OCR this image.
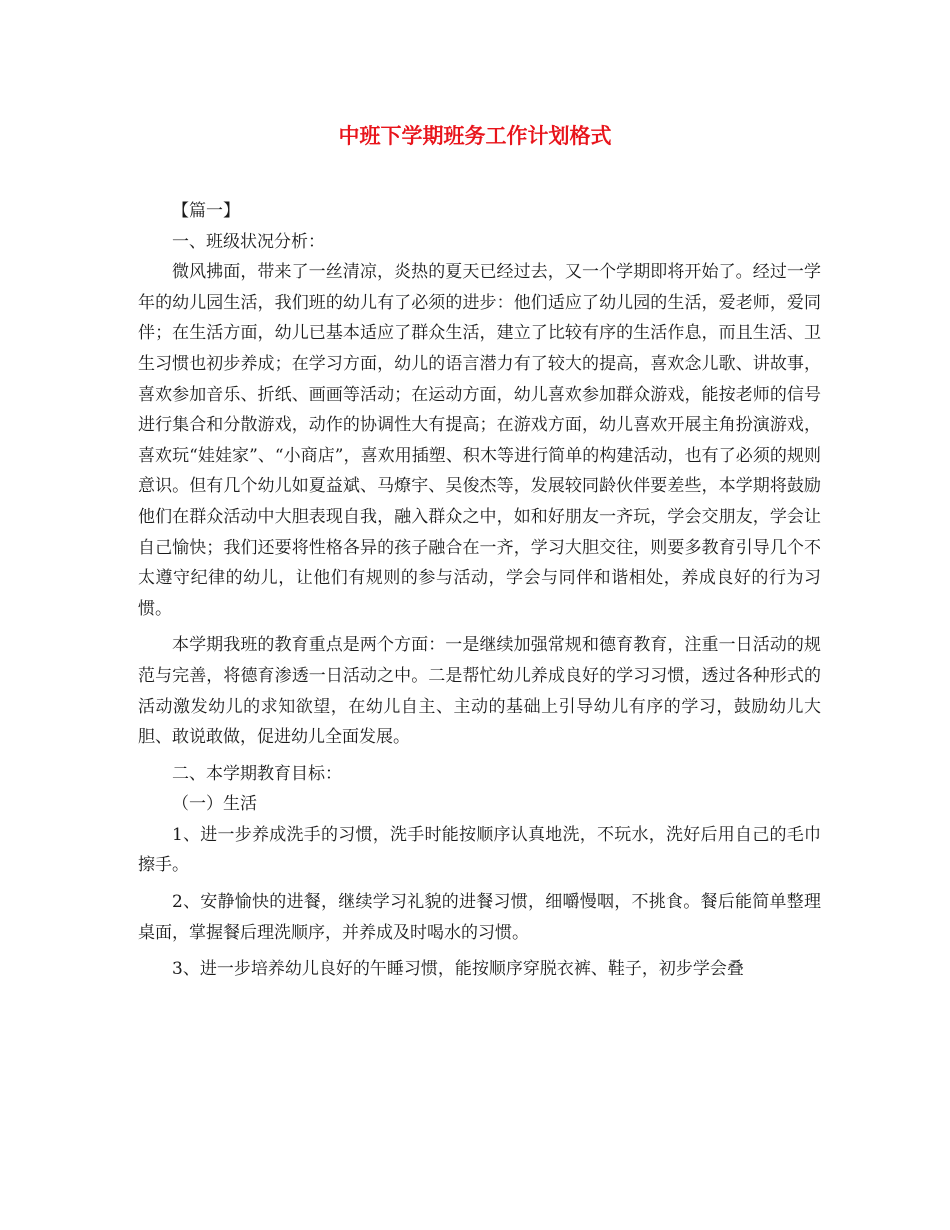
中班下学期班务工作计划格式

【篇一】

一、班级状况分析：

微风拂面，带来了一丝清凉，炎热的夏天已经过去，又一个学期即将开始了。经过一学年的幼儿园生活，我们班的幼儿有了必须的进步：他们适应了幼儿园的生活，爱老师，爱同伴；在生活方面，幼儿已基本适应了群众生活，建立了比较有序的生活作息，而且生活、卫生习惯也初步养成；在学习方面，幼儿的语言潜力有了较大的提高，喜欢念儿歌、讲故事，喜欢参加音乐、折纸、画画等活动；在运动方面，幼儿喜欢参加群众游戏，能按老师的信号进行集合和分散游戏，动作的协调性大有提高；在游戏方面，幼儿喜欢开展主角扮演游戏，喜欢玩“娃娃家”、“小商店”，喜欢用插塑、积木等进行简单的构建活动，也有了必须的规则意识。但有几个幼儿如夏益斌、马燎宇、吴俊杰等，发展较同龄伙伴要差些，本学期将鼓励他们在群众活动中大胆表现自我，融入群众之中，如和好朋友一齐玩，学会交朋友，学会让自己愉快；我们还要将性格各异的孩子融合在一齐，学习大胆交往，则要多教育引导几个不太遵守纪律的幼儿，让他们有规则的参与活动，学会与同伴和谐相处，养成良好的行为习惯。

本学期我班的教育重点是两个方面：一是继续加强常规和德育教育，注重一日活动的规范与完善，将德育渗透一日活动之中。二是帮忙幼儿养成良好的学习习惯，透过各种形式的活动激发幼儿的求知欲望，在幼儿自主、主动的基础上引导幼儿有序的学习，鼓励幼儿大胆、敢说敢做，促进幼儿全面发展。

二、本学期教育目标：

（一）生活

1、进一步养成洗手的习惯，洗手时能按顺序认真地洗，不玩水，洗好后用自己的毛巾擦手。

2、安静愉快的进餐，继续学习礼貌的进餐习惯，细嚼慢咽，不挑食。餐后能简单整理桌面，掌握餐后理洗顺序，并养成及时喝水的习惯。

3、进一步培养幼儿良好的午睡习惯，能按顺序穿脱衣裤、鞋子，初步学会叠
